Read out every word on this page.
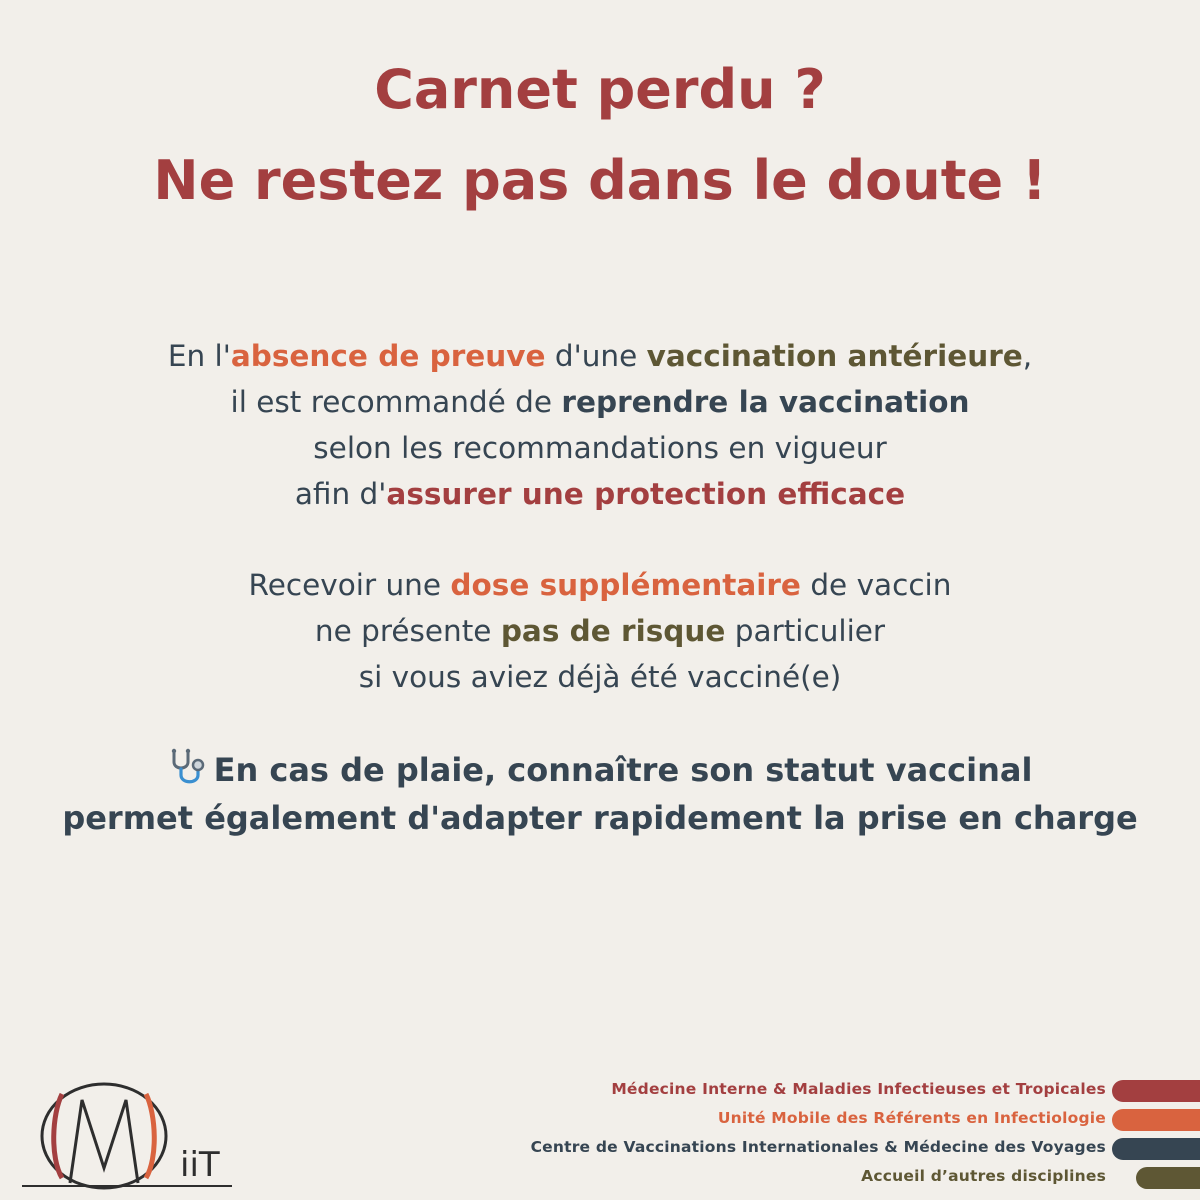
Carnet perdu ?
Ne restez pas dans le doute !

En l'absence de preuve d'une vaccination antérieure,
il est recommandé de reprendre la vaccination
selon les recommandations en vigueur
afin d'assurer une protection efficace

Recevoir une dose supplémentaire de vaccin
ne présente pas de risque particulier
si vous aviez déjà été vacciné(e)

En cas de plaie, connaître son statut vaccinal
permet également d'adapter rapidement la prise en charge

iiT
Médecine Interne & Maladies Infectieuses et Tropicales
Unité Mobile des Référents en Infectiologie
Centre de Vaccinations Internationales & Médecine des Voyages
Accueil d’autres disciplines
